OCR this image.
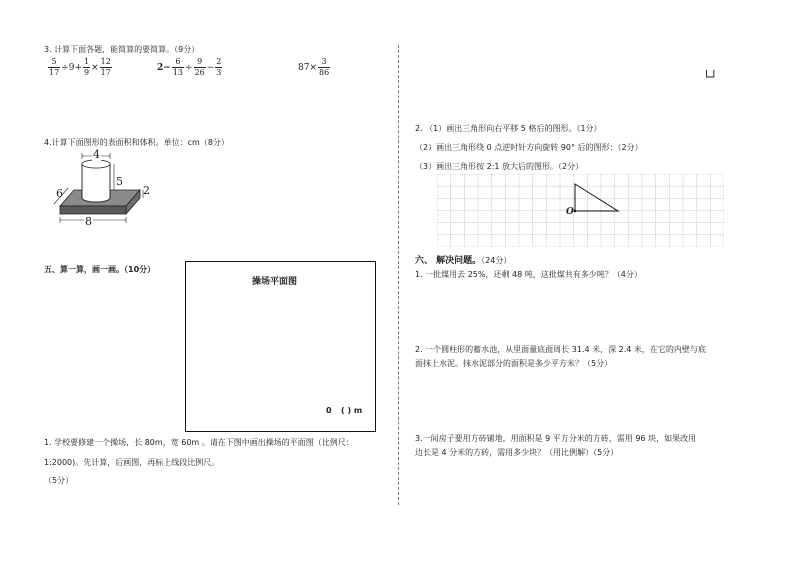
3. 计算下面各题，能简算的要简算。（9分）
$\frac{5}{17} \div 9+ \frac{1}{9} \times \frac{12}{17}$	$2- \frac{6}{13} \div \frac{9}{26} - \frac{2}{3}$	$87\times \frac{3}{86}$
4.计算下面图形的表面积和体积。单位：cm（8分）
4
5
2
6
8
五、算一算，画一画。（10分）
操场平面图
0 ( ) m
1. 学校要修建一个操场，长 80m，宽 60m 。请在下图中画出操场的平面图（比例尺：
1:2000)。先计算，后画图，再标上线段比例尺。
（5分）
└┘
2. （1）画出三角形向右平移 5 格后的图形。（1分）
（2）画出三角形绕 0 点逆时针方向旋转 90° 后的图形：（2分）
（3）画出三角形按 2:1 放大后的图形。（2分）
O
六、 解决问题。（24分）
1. 一批煤用去 25%，还剩 48 吨，这批煤共有多少吨？（4分）
2. 一个圆柱形的蓄水池，从里面量底面周长 31.4 米，深 2.4 米，在它的内壁与底
面抹上水泥。抹水泥部分的面积是多少平方米？（5分）
3.一间房子要用方砖铺地，用面积是 9 平方分米的方砖，需用 96 块，如果改用
边长是 4 分米的方砖，需用多少块？（用比例解）（5分）
